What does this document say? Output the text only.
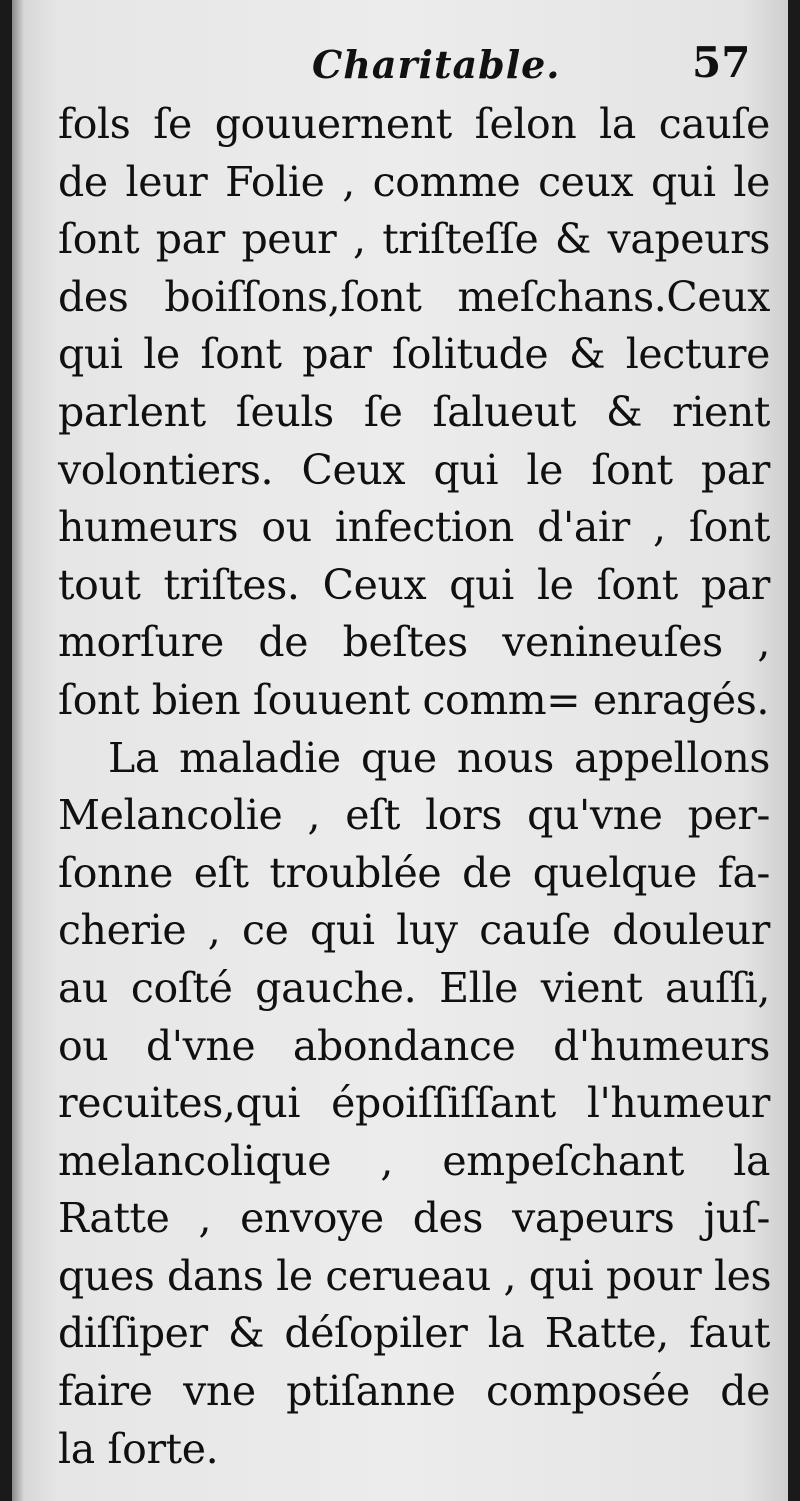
Charitable.	57
fols ſe gouuernent ſelon la cauſe
de leur Folie , comme ceux qui le
ſont par peur , triſteſſe & vapeurs
des boiſſons,ſont meſchans.Ceux
qui le ſont par ſolitude & lecture
parlent ſeuls ſe ſalueut & rient
volontiers. Ceux qui le ſont par
humeurs ou infection d'air , ſont
tout triſtes. Ceux qui le ſont par
morſure de beſtes venineuſes ,
ſont bien ſouuent comm= enragés.
La maladie que nous appellons
Melancolie , eſt lors qu'vne per-
ſonne eſt troublée de quelque fa-
cherie , ce qui luy cauſe douleur
au coſté gauche. Elle vient auſſi,
ou d'vne abondance d'humeurs
recuites,qui époiſſiſſant l'humeur
melancolique , empeſchant la
Ratte , envoye des vapeurs juſ-
ques dans le cerueau , qui pour les
diſſiper & déſopiler la Ratte, faut
faire vne ptiſanne composée de
la ſorte.
